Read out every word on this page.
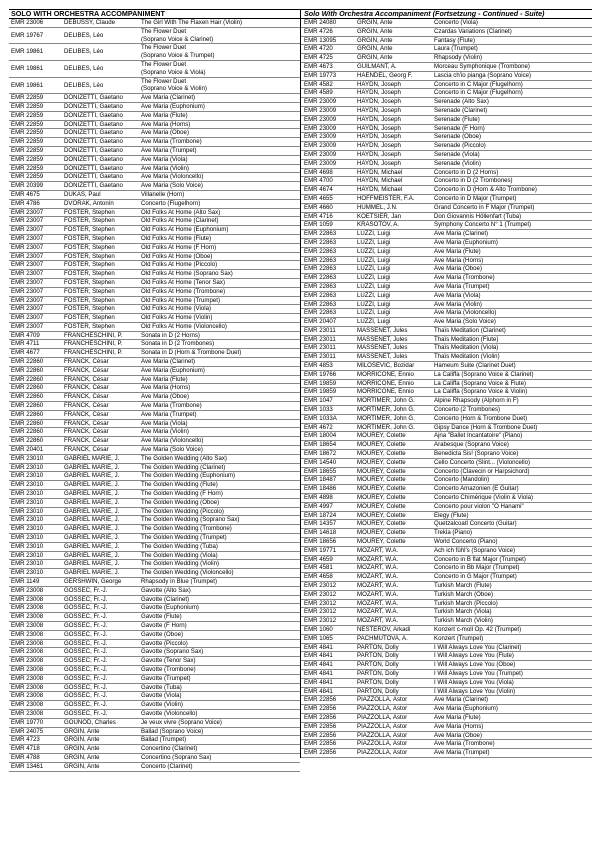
SOLO WITH ORCHESTRA ACCOMPANIMENT
EMR 23006	DEBUSSY, Claude	The Girl With The Flaxen Hair (Violin)
EMR 19767	DELIBES, Léo
The Flower Duet
(Soprano Voice & Clarinet)
EMR 19861	DELIBES, Léo
The Flower Duet
(Soprano Voice & Trumpet)
EMR 19861	DELIBES, Léo
The Flower Duet
(Soprano Voice & Viola)
EMR 19861	DELIBES, Léo
The Flower Duet
(Soprano Voice & Violin)
EMR 22859	DONIZETTI, Gaetano	Ave Maria (Clarinet)
EMR 22859	DONIZETTI, Gaetano	Ave Maria (Euphonium)
EMR 22859	DONIZETTI, Gaetano	Ave Maria (Flute)
EMR 22859	DONIZETTI, Gaetano	Ave Maria (Horns)
EMR 22859	DONIZETTI, Gaetano	Ave Maria (Oboe)
EMR 22859	DONIZETTI, Gaetano	Ave Maria (Trombone)
EMR 22859	DONIZETTI, Gaetano	Ave Maria (Trumpet)
EMR 22859	DONIZETTI, Gaetano	Ave Maria (Viola)
EMR 22859	DONIZETTI, Gaetano	Ave Maria (Violin)
EMR 22859	DONIZETTI, Gaetano	Ave Maria (Violoncello)
EMR 20399	DONIZETTI, Gaetano	Ave Maria (Solo Voice)
EMR 4675	DUKAS, Paul	Villanelle (Horn)
EMR 4786	DVORAK, Antonín	Concerto (Flugelhorn)
EMR 23007	FOSTER, Stephen	Old Folks At Home (Alto Sax)
EMR 23007	FOSTER, Stephen	Old Folks At Home (Clarinet)
EMR 23007	FOSTER, Stephen	Old Folks At Home (Euphonium)
EMR 23007	FOSTER, Stephen	Old Folks At Home (Flute)
EMR 23007	FOSTER, Stephen	Old Folks At Home (F Horn)
EMR 23007	FOSTER, Stephen	Old Folks At Home (Oboe)
EMR 23007	FOSTER, Stephen	Old Folks At Home (Piccolo)
EMR 23007	FOSTER, Stephen	Old Folks At Home (Soprano Sax)
EMR 23007	FOSTER, Stephen	Old Folks At Home (Tenor Sax)
EMR 23007	FOSTER, Stephen	Old Folks At Home (Trombone)
EMR 23007	FOSTER, Stephen	Old Folks At Home (Trumpet)
EMR 23007	FOSTER, Stephen	Old Folks At Home (Viola)
EMR 23007	FOSTER, Stephen	Old Folks At Home (Violin)
EMR 23007	FOSTER, Stephen	Old Folks At Home (Violoncello)
EMR 4709	FRANCHESCHINI, P.	Sonata in D (2 Horns)
EMR 4711	FRANCHESCHINI, P.	Sonata in D (2 Trombones)
EMR 4677	FRANCHESCHINI, P.	Sonata in D (Horn & Trombone Duet)
EMR 22860	FRANCK, César	Ave Maria (Clarinet)
EMR 22860	FRANCK, César	Ave Maria (Euphonium)
EMR 22860	FRANCK, César	Ave Maria (Flute)
EMR 22860	FRANCK, César	Ave Maria (Horns)
EMR 22860	FRANCK, César	Ave Maria (Oboe)
EMR 22860	FRANCK, César	Ave Maria (Trombone)
EMR 22860	FRANCK, César	Ave Maria (Trumpet)
EMR 22860	FRANCK, César	Ave Maria (Viola)
EMR 22860	FRANCK, César	Ave Maria (Violin)
EMR 22860	FRANCK, César	Ave Maria (Violoncello)
EMR 20401	FRANCK, César	Ave Maria (Solo Voice)
EMR 23010	GABRIEL MARIE, J.	The Golden Wedding (Alto Sax)
EMR 23010	GABRIEL MARIE, J.	The Golden Wedding (Clarinet)
EMR 23010	GABRIEL MARIE, J.	The Golden Wedding (Euphonium)
EMR 23010	GABRIEL MARIE, J.	The Golden Wedding (Flute)
EMR 23010	GABRIEL MARIE, J.	The Golden Wedding (F Horn)
EMR 23010	GABRIEL MARIE, J.	The Golden Wedding (Oboe)
EMR 23010	GABRIEL MARIE, J.	The Golden Wedding (Piccolo)
EMR 23010	GABRIEL MARIE, J.	The Golden Wedding (Soprano Sax)
EMR 23010	GABRIEL MARIE, J.	The Golden Wedding (Trombone)
EMR 23010	GABRIEL MARIE, J.	The Golden Wedding (Trumpet)
EMR 23010	GABRIEL MARIE, J.	The Golden Wedding (Tuba)
EMR 23010	GABRIEL MARIE, J.	The Golden Wedding (Viola)
EMR 23010	GABRIEL MARIE, J.	The Golden Wedding (Violin)
EMR 23010	GABRIEL MARIE, J.	The Golden Wedding (Violoncello)
EMR 1149	GERSHWIN, George	Rhapsody in Blue (Trumpet)
EMR 23008	GOSSEC, Fr.-J.	Gavotte (Alto Sax)
EMR 23008	GOSSEC, Fr.-J.	Gavotte (Clarinet)
EMR 23008	GOSSEC, Fr.-J.	Gavotte (Euphonium)
EMR 23008	GOSSEC, Fr.-J.	Gavotte (Flute)
EMR 23008	GOSSEC, Fr.-J.	Gavotte (F Horn)
EMR 23008	GOSSEC, Fr.-J.	Gavotte (Oboe)
EMR 23008	GOSSEC, Fr.-J.	Gavotte (Piccolo)
EMR 23008	GOSSEC, Fr.-J.	Gavotte (Soprano Sax)
EMR 23008	GOSSEC, Fr.-J.	Gavotte (Tenor Sax)
EMR 23008	GOSSEC, Fr.-J.	Gavotte (Trombone)
EMR 23008	GOSSEC, Fr.-J.	Gavotte (Trumpet)
EMR 23008	GOSSEC, Fr.-J.	Gavotte (Tuba)
EMR 23008	GOSSEC, Fr.-J.	Gavotte (Viola)
EMR 23008	GOSSEC, Fr.-J.	Gavotte (Violin)
EMR 23008	GOSSEC, Fr.-J.	Gavotte (Violoncello)
EMR 19770	GOUNOD, Charles	Je veux vivre (Soprano Voice)
EMR 24075	GRGIN, Ante	Ballad (Soprano Voice)
EMR 4723	GRGIN, Ante	Ballad (Trumpet)
EMR 4718	GRGIN, Ante	Concertino (Clarinet)
EMR 4788	GRGIN, Ante	Concertino (Soprano Sax)
EMR 13461	GRGIN, Ante	Concerto (Clarinet)
Solo With Orchestra Accompaniment (Fortsetzung - Continued - Suite)
EMR 24080	GRGIN, Ante	Concerto (Viola)
EMR 4726	GRGIN, Ante	Czardas Variations (Clarinet)
EMR 13095	GRGIN, Ante	Fantasy (Flute)
EMR 4720	GRGIN, Ante	Laura (Trumpet)
EMR 4725	GRGIN, Ante	Rhapsody (Violin)
EMR 4673	GUILMANT, A.	Morceau Symphonique (Trombone)
EMR 19773	HAENDEL, Georg F.	Lascia ch'io pianga (Soprano Voice)
EMR 4582	HAYDN, Joseph	Concerto in C Major (Flugelhorn)
EMR 4589	HAYDN, Joseph	Concerto in C Major (Flugelhorn)
EMR 23009	HAYDN, Joseph	Serenade (Alto Sax)
EMR 23009	HAYDN, Joseph	Serenade (Clarinet)
EMR 23009	HAYDN, Joseph	Serenade (Flute)
EMR 23009	HAYDN, Joseph	Serenade (F Horn)
EMR 23009	HAYDN, Joseph	Serenade (Oboe)
EMR 23009	HAYDN, Joseph	Serenade (Piccolo)
EMR 23009	HAYDN, Joseph	Serenade (Viola)
EMR 23009	HAYDN, Joseph	Serenade (Violin)
EMR 4698	HAYDN, Michael	Concerto in D (2 Horns)
EMR 4700	HAYDN, Michael	Concerto in D (2 Trombones)
EMR 4674	HAYDN, Michael	Concerto in D (Horn & Alto Trombone)
EMR 4655	HOFFMEISTER, F.A.	Concerto in D Major (Trumpet)
EMR 4660	HUMMEL, J.N.	Grand Concerto in F Major (Trumpet)
EMR 4716	KOETSIER, Jan	Don Giovannis Höllenfart (Tuba)
EMR 1059	KRASOTOV, A.	Symphony Concerto N° 1 (Trumpet)
EMR 22863	LUZZI, Luigi	Ave Maria (Clarinet)
EMR 22863	LUZZI, Luigi	Ave Maria (Euphonium)
EMR 22863	LUZZI, Luigi	Ave Maria (Flute)
EMR 22863	LUZZI, Luigi	Ave Maria (Horns)
EMR 22863	LUZZI, Luigi	Ave Maria (Oboe)
EMR 22863	LUZZI, Luigi	Ave Maria (Trombone)
EMR 22863	LUZZI, Luigi	Ave Maria (Trumpet)
EMR 22863	LUZZI, Luigi	Ave Maria (Viola)
EMR 22863	LUZZI, Luigi	Ave Maria (Violin)
EMR 22863	LUZZI, Luigi	Ave Maria (Violoncello)
EMR 20407	LUZZI, Luigi	Ave Maria (Solo Voice)
EMR 23011	MASSENET, Jules	Thaïs Meditation (Clarinet)
EMR 23011	MASSENET, Jules	Thaïs Meditation (Flute)
EMR 23011	MASSENET, Jules	Thaïs Meditation (Viola)
EMR 23011	MASSENET, Jules	Thaïs Meditation (Violin)
EMR 4853	MILOSEVIC, Bozidar	Hameum Suite (Clarinet Duet)
EMR 19766	MORRICONE, Ennio	La Califfa (Soprano Voice & Clarinet)
EMR 19859	MORRICONE, Ennio	La Califfa (Soprano Voice & Flute)
EMR 19859	MORRICONE, Ennio	La Califfa (Soprano Voice & Violin)
EMR 1047	MORTIMER, John G.	Alpine Rhapsody (Alphorn in F)
EMR 1033	MORTIMER, John G.	Concerto (2 Trombones)
EMR 1033A	MORTIMER, John G.	Concerto (Horn & Trombone Duet)
EMR 4672	MORTIMER, John G.	Gipsy Dance (Horn & Trombone Duet)
EMR 18004	MOUREY, Colette	Ajna "Ballet Incantatoire" (Piano)
EMR 18654	MOUREY, Colette	Arabesque (Soprano Voice)
EMR 18672	MOUREY, Colette	Benedicta Sis! (Soprano Voice)
EMR 14540	MOUREY, Colette	Cello Concerto (Slint... (Violoncello)
EMR 18655	MOUREY, Colette	Concerto (Clavecin or Harpsichord)
EMR 18487	MOUREY, Colette	Concerto (Mandolin)
EMR 18486	MOUREY, Colette	Concerto Amazonien (E Guitar)
EMR 4898	MOUREY, Colette	Concerto Chimérique (Violin & Viola)
EMR 4997	MOUREY, Colette	Concerto pour violon "O Hanami"
EMR 18724	MOUREY, Colette	Elegy (Flute)
EMR 14357	MOUREY, Colette	Quetzalcoatl Concerto (Guitar)
EMR 14618	MOUREY, Colette	Trekla (Piano)
EMR 18656	MOUREY, Colette	World Concerto (Piano)
EMR 19771	MOZART, W.A.	Ach ich fühl's (Soprano Voice)
EMR 4659	MOZART, W.A.	Concerto in B flat Major (Trumpet)
EMR 4581	MOZART, W.A.	Concerto in Bb Major (Trumpet)
EMR 4658	MOZART, W.A.	Concerto in G Major (Trumpet)
EMR 23012	MOZART, W.A.	Turkish March (Flute)
EMR 23012	MOZART, W.A.	Turkish March (Oboe)
EMR 23012	MOZART, W.A.	Turkish March (Piccolo)
EMR 23012	MOZART, W.A.	Turkish March (Viola)
EMR 23012	MOZART, W.A.	Turkish March (Violin)
EMR 1060	NESTEROV, Arkadi	Konzert c-moll Op. 42 (Trumpet)
EMR 1065	PACHMUTOVA, A.	Konzert (Trumpet)
EMR 4841	PARTON, Dolly	I Will Always Love You (Clarinet)
EMR 4841	PARTON, Dolly	I Will Always Love You (Flute)
EMR 4841	PARTON, Dolly	I Will Always Love You (Oboe)
EMR 4841	PARTON, Dolly	I Will Always Love You (Trumpet)
EMR 4841	PARTON, Dolly	I Will Always Love You (Viola)
EMR 4841	PARTON, Dolly	I Will Always Love You (Violin)
EMR 22856	PIAZZOLLA, Astor	Ave Maria (Clarinet)
EMR 22856	PIAZZOLLA, Astor	Ave Maria (Euphonium)
EMR 22856	PIAZZOLLA, Astor	Ave Maria (Flute)
EMR 22856	PIAZZOLLA, Astor	Ave Maria (Horns)
EMR 22856	PIAZZOLLA, Astor	Ave Maria (Oboe)
EMR 22856	PIAZZOLLA, Astor	Ave Maria (Trombone)
EMR 22856	PIAZZOLLA, Astor	Ave Maria (Trumpet)
